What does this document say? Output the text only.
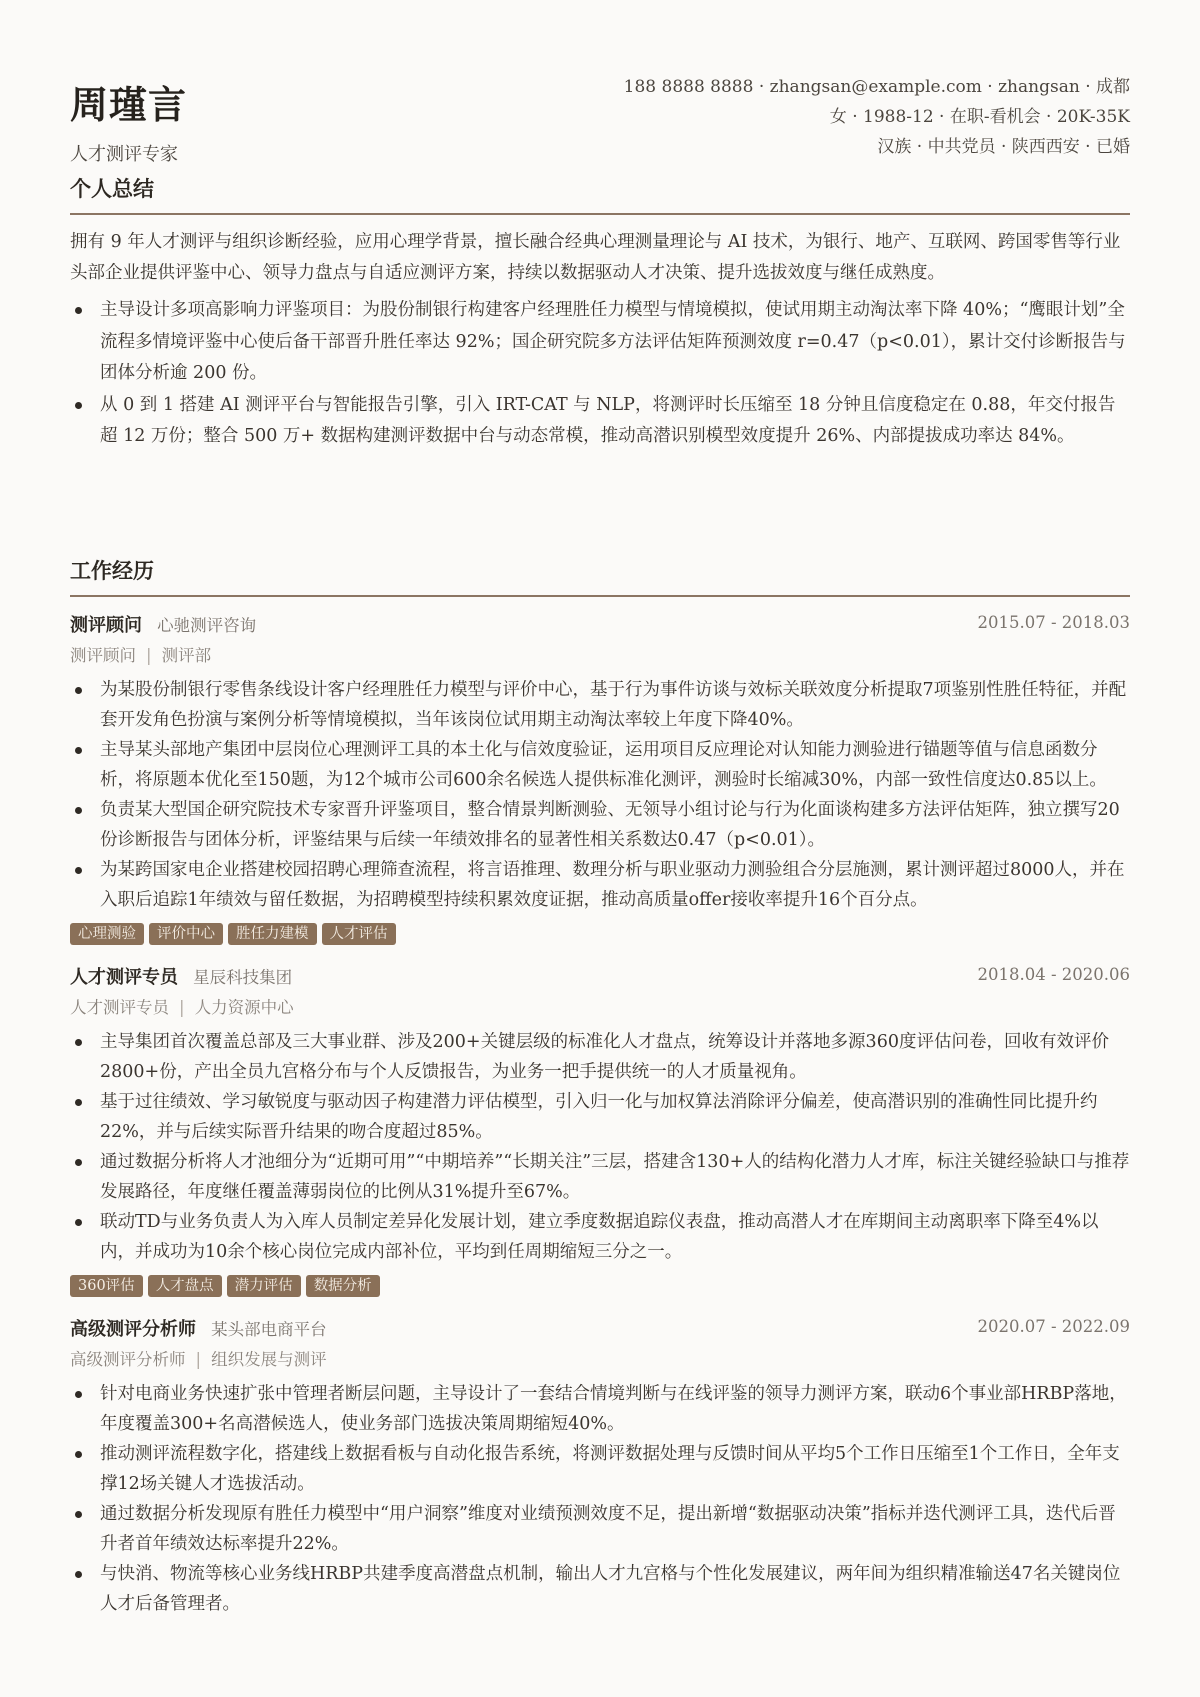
周瑾言
人才测评专家
188 8888 8888 · zhangsan@example.com · zhangsan · 成都
女 · 1988-12 · 在职-看机会 · 20K-35K
汉族 · 中共党员 · 陕西西安 · 已婚
个人总结

拥有 9 年人才测评与组织诊断经验，应用心理学背景，擅长融合经典心理测量理论与 AI 技术，为银行、地产、互联网、跨国零售等行业头部企业提供评鉴中心、领导力盘点与自适应测评方案，持续以数据驱动人才决策、提升选拔效度与继任成熟度。

主导设计多项高影响力评鉴项目：为股份制银行构建客户经理胜任力模型与情境模拟，使试用期主动淘汰率下降 40%；“鹰眼计划”全流程多情境评鉴中心使后备干部晋升胜任率达 92%；国企研究院多方法评估矩阵预测效度 r=0.47（p<0.01），累计交付诊断报告与团体分析逾 200 份。
从 0 到 1 搭建 AI 测评平台与智能报告引擎，引入 IRT-CAT 与 NLP，将测评时长压缩至 18 分钟且信度稳定在 0.88，年交付报告超 12 万份；整合 500 万+ 数据构建测评数据中台与动态常模，推动高潜识别模型效度提升 26%、内部提拔成功率达 84%。
工作经历
测评顾问 心驰测评咨询	2015.07 - 2018.03
测评顾问 | 测评部
为某股份制银行零售条线设计客户经理胜任力模型与评价中心，基于行为事件访谈与效标关联效度分析提取7项鉴别性胜任特征，并配套开发角色扮演与案例分析等情境模拟，当年该岗位试用期主动淘汰率较上年度下降40%。
主导某头部地产集团中层岗位心理测评工具的本土化与信效度验证，运用项目反应理论对认知能力测验进行锚题等值与信息函数分析，将原题本优化至150题，为12个城市公司600余名候选人提供标准化测评，测验时长缩减30%，内部一致性信度达0.85以上。
负责某大型国企研究院技术专家晋升评鉴项目，整合情景判断测验、无领导小组讨论与行为化面谈构建多方法评估矩阵，独立撰写20份诊断报告与团体分析，评鉴结果与后续一年绩效排名的显著性相关系数达0.47（p<0.01）。
为某跨国家电企业搭建校园招聘心理筛查流程，将言语推理、数理分析与职业驱动力测验组合分层施测，累计测评超过8000人，并在入职后追踪1年绩效与留任数据，为招聘模型持续积累效度证据，推动高质量offer接收率提升16个百分点。
心理测验 评价中心 胜任力建模 人才评估
人才测评专员 星辰科技集团	2018.04 - 2020.06
人才测评专员 | 人力资源中心
主导集团首次覆盖总部及三大事业群、涉及200+关键层级的标准化人才盘点，统筹设计并落地多源360度评估问卷，回收有效评价2800+份，产出全员九宫格分布与个人反馈报告，为业务一把手提供统一的人才质量视角。
基于过往绩效、学习敏锐度与驱动因子构建潜力评估模型，引入归一化与加权算法消除评分偏差，使高潜识别的准确性同比提升约22%，并与后续实际晋升结果的吻合度超过85%。
通过数据分析将人才池细分为“近期可用”“中期培养”“长期关注”三层，搭建含130+人的结构化潜力人才库，标注关键经验缺口与推荐发展路径，年度继任覆盖薄弱岗位的比例从31%提升至67%。
联动TD与业务负责人为入库人员制定差异化发展计划，建立季度数据追踪仪表盘，推动高潜人才在库期间主动离职率下降至4%以内，并成功为10余个核心岗位完成内部补位，平均到任周期缩短三分之一。
360评估 人才盘点 潜力评估 数据分析
高级测评分析师 某头部电商平台	2020.07 - 2022.09
高级测评分析师 | 组织发展与测评
针对电商业务快速扩张中管理者断层问题，主导设计了一套结合情境判断与在线评鉴的领导力测评方案，联动6个事业部HRBP落地，年度覆盖300+名高潜候选人，使业务部门选拔决策周期缩短40%。
推动测评流程数字化，搭建线上数据看板与自动化报告系统，将测评数据处理与反馈时间从平均5个工作日压缩至1个工作日，全年支撑12场关键人才选拔活动。
通过数据分析发现原有胜任力模型中“用户洞察”维度对业绩预测效度不足，提出新增“数据驱动决策”指标并迭代测评工具，迭代后晋升者首年绩效达标率提升22%。
与快消、物流等核心业务线HRBP共建季度高潜盘点机制，输出人才九宫格与个性化发展建议，两年间为组织精准输送47名关键岗位人才后备管理者。
